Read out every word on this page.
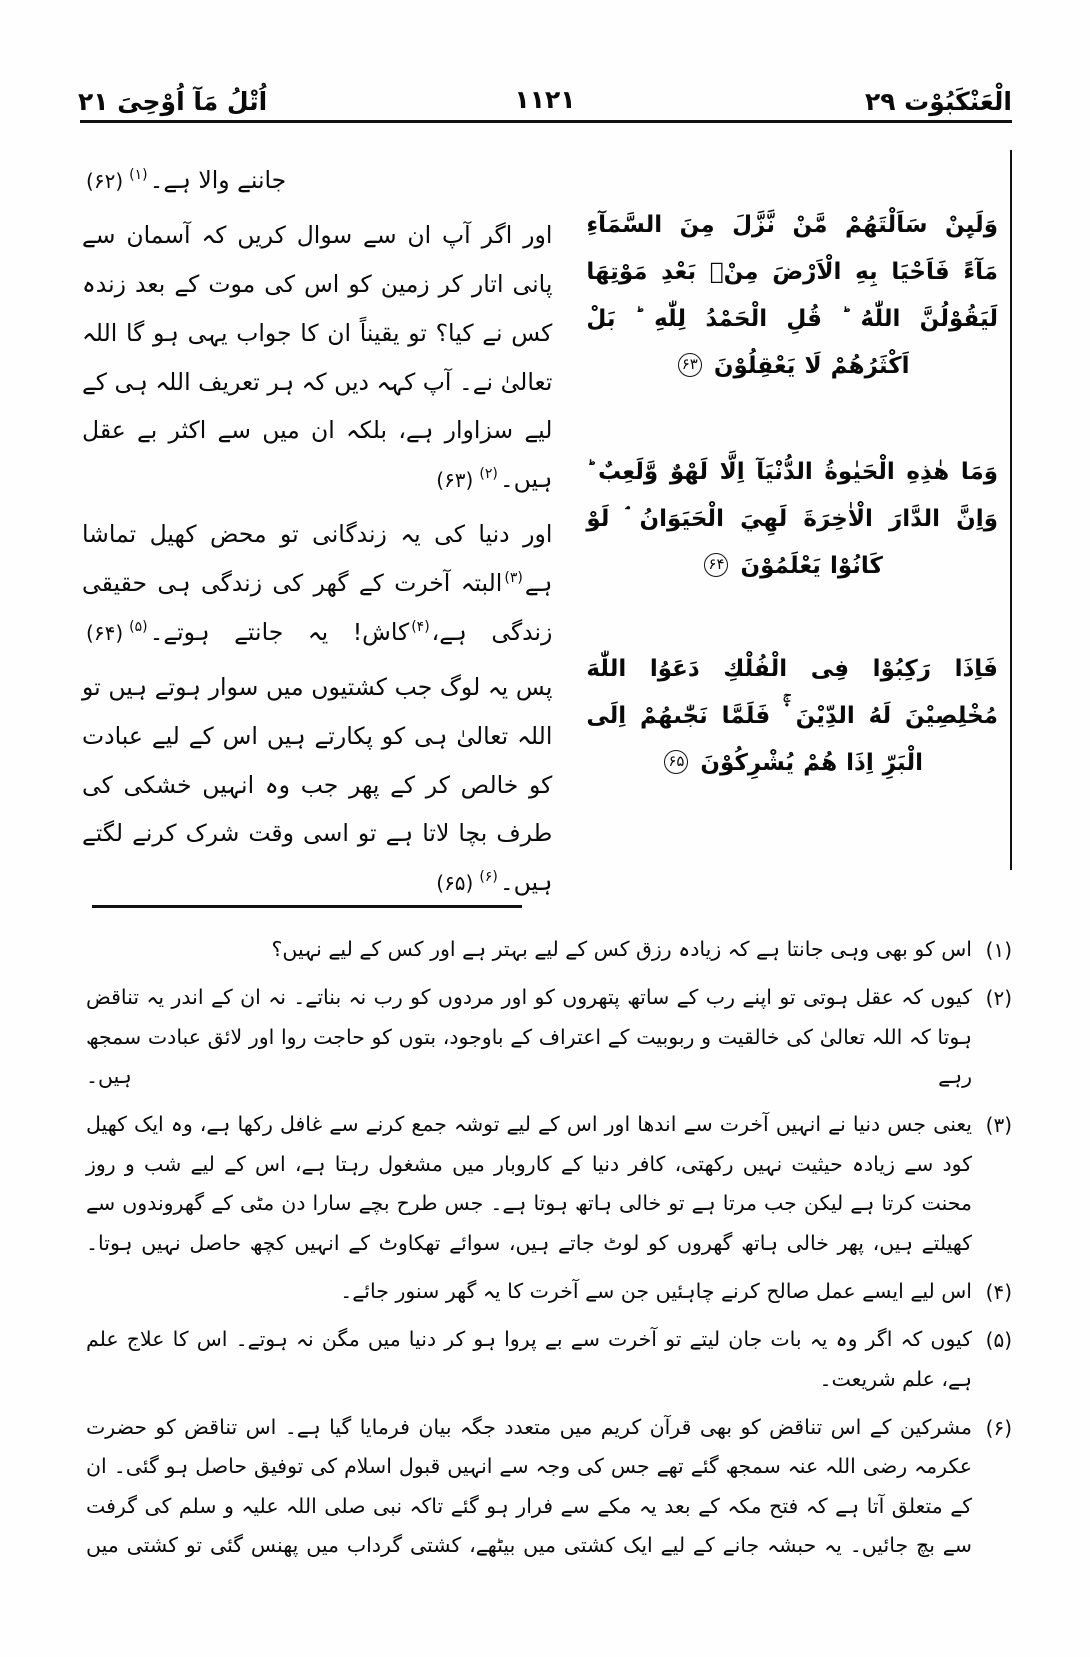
اُتْلُ مَآ اُوْحِیَ ۲۱	۱۱۲۱	الْعَنْکَبُوْت ۲۹
وَلَىِٕنْ سَاَلْتَهُمْ مَّنْ نَّزَّلَ مِنَ السَّمَآءِ مَآءً فَاَحْيَا بِهِ الْاَرْضَ مِنْۢ بَعْدِ مَوْتِهَا لَيَقُوْلُنَّ اللّٰهُ ؕ قُلِ الْحَمْدُ لِلّٰهِ ؕ بَلْ اَكْثَرُهُمْ لَا يَعْقِلُوْنَ ۶۳
وَمَا هٰذِهِ الْحَيٰوةُ الدُّنْيَآ اِلَّا لَهْوٌ وَّلَعِبٌ ؕ وَاِنَّ الدَّارَ الْاٰخِرَةَ لَهِيَ الْحَيَوَانُ ۘ لَوْ كَانُوْا يَعْلَمُوْنَ ۶۴
فَاِذَا رَكِبُوْا فِى الْفُلْكِ دَعَوُا اللّٰهَ مُخْلِصِيْنَ لَهُ الدِّيْنَ ۬ۚ فَلَمَّا نَجّٰىهُمْ اِلَى الْبَرِّ اِذَا هُمْ يُشْرِكُوْنَ ۶۵

جاننے والا ہے۔$^{(۱)}$(۶۲)

اور اگر آپ ان سے سوال کریں کہ آسمان سے پانی اتار کر زمین کو اس کی موت کے بعد زندہ کس نے کیا؟ تو یقیناً ان کا جواب یہی ہو گا اللہ تعالیٰ نے۔ آپ کہہ دیں کہ ہر تعریف اللہ ہی کے لیے سزاوار ہے، بلکہ ان میں سے اکثر بے عقل ہیں۔$^{(۲)}$(۶۳)

اور دنیا کی یہ زندگانی تو محض کھیل تماشا ہے$^{(۳)}$البتہ آخرت کے گھر کی زندگی ہی حقیقی زندگی ہے،$^{(۴)}$کاش! یہ جانتے ہوتے۔$^{(۵)}$(۶۴)

پس یہ لوگ جب کشتیوں میں سوار ہوتے ہیں تو اللہ تعالیٰ ہی کو پکارتے ہیں اس کے لیے عبادت کو خالص کر کے پھر جب وہ انہیں خشکی کی طرف بچا لاتا ہے تو اسی وقت شرک کرنے لگتے ہیں۔$^{(۶)}$(۶۵)

(۱)
اس کو بھی وہی جانتا ہے کہ زیادہ رزق کس کے لیے بہتر ہے اور کس کے لیے نہیں؟
(۲)
کیوں کہ عقل ہوتی تو اپنے رب کے ساتھ پتھروں کو اور مردوں کو رب نہ بناتے۔ نہ ان کے اندر یہ تناقض ہوتا کہ اللہ تعالیٰ کی خالقیت و ربوبیت کے اعتراف کے باوجود، بتوں کو حاجت روا اور لائق عبادت سمجھ رہے ہیں۔
(۳)
یعنی جس دنیا نے انہیں آخرت سے اندھا اور اس کے لیے توشہ جمع کرنے سے غافل رکھا ہے، وہ ایک کھیل کود سے زیادہ حیثیت نہیں رکھتی، کافر دنیا کے کاروبار میں مشغول رہتا ہے، اس کے لیے شب و روز محنت کرتا ہے لیکن جب مرتا ہے تو خالی ہاتھ ہوتا ہے۔ جس طرح بچے سارا دن مٹی کے گھروندوں سے کھیلتے ہیں، پھر خالی ہاتھ گھروں کو لوٹ جاتے ہیں، سوائے تھکاوٹ کے انہیں کچھ حاصل نہیں ہوتا۔
(۴)
اس لیے ایسے عمل صالح کرنے چاہئیں جن سے آخرت کا یہ گھر سنور جائے۔
(۵)
کیوں کہ اگر وہ یہ بات جان لیتے تو آخرت سے بے پروا ہو کر دنیا میں مگن نہ ہوتے۔ اس کا علاج علم ہے، علم شریعت۔
(۶)
مشرکین کے اس تناقض کو بھی قرآن کریم میں متعدد جگہ بیان فرمایا گیا ہے۔ اس تناقض کو حضرت عکرمہ رضی اللہ عنہ سمجھ گئے تھے جس کی وجہ سے انہیں قبول اسلام کی توفیق حاصل ہو گئی۔ ان کے متعلق آتا ہے کہ فتح مکہ کے بعد یہ مکے سے فرار ہو گئے تاکہ نبی صلی اللہ علیہ و سلم کی گرفت سے بچ جائیں۔ یہ حبشہ جانے کے لیے ایک کشتی میں بیٹھے، کشتی گرداب میں پھنس گئی تو کشتی میں
